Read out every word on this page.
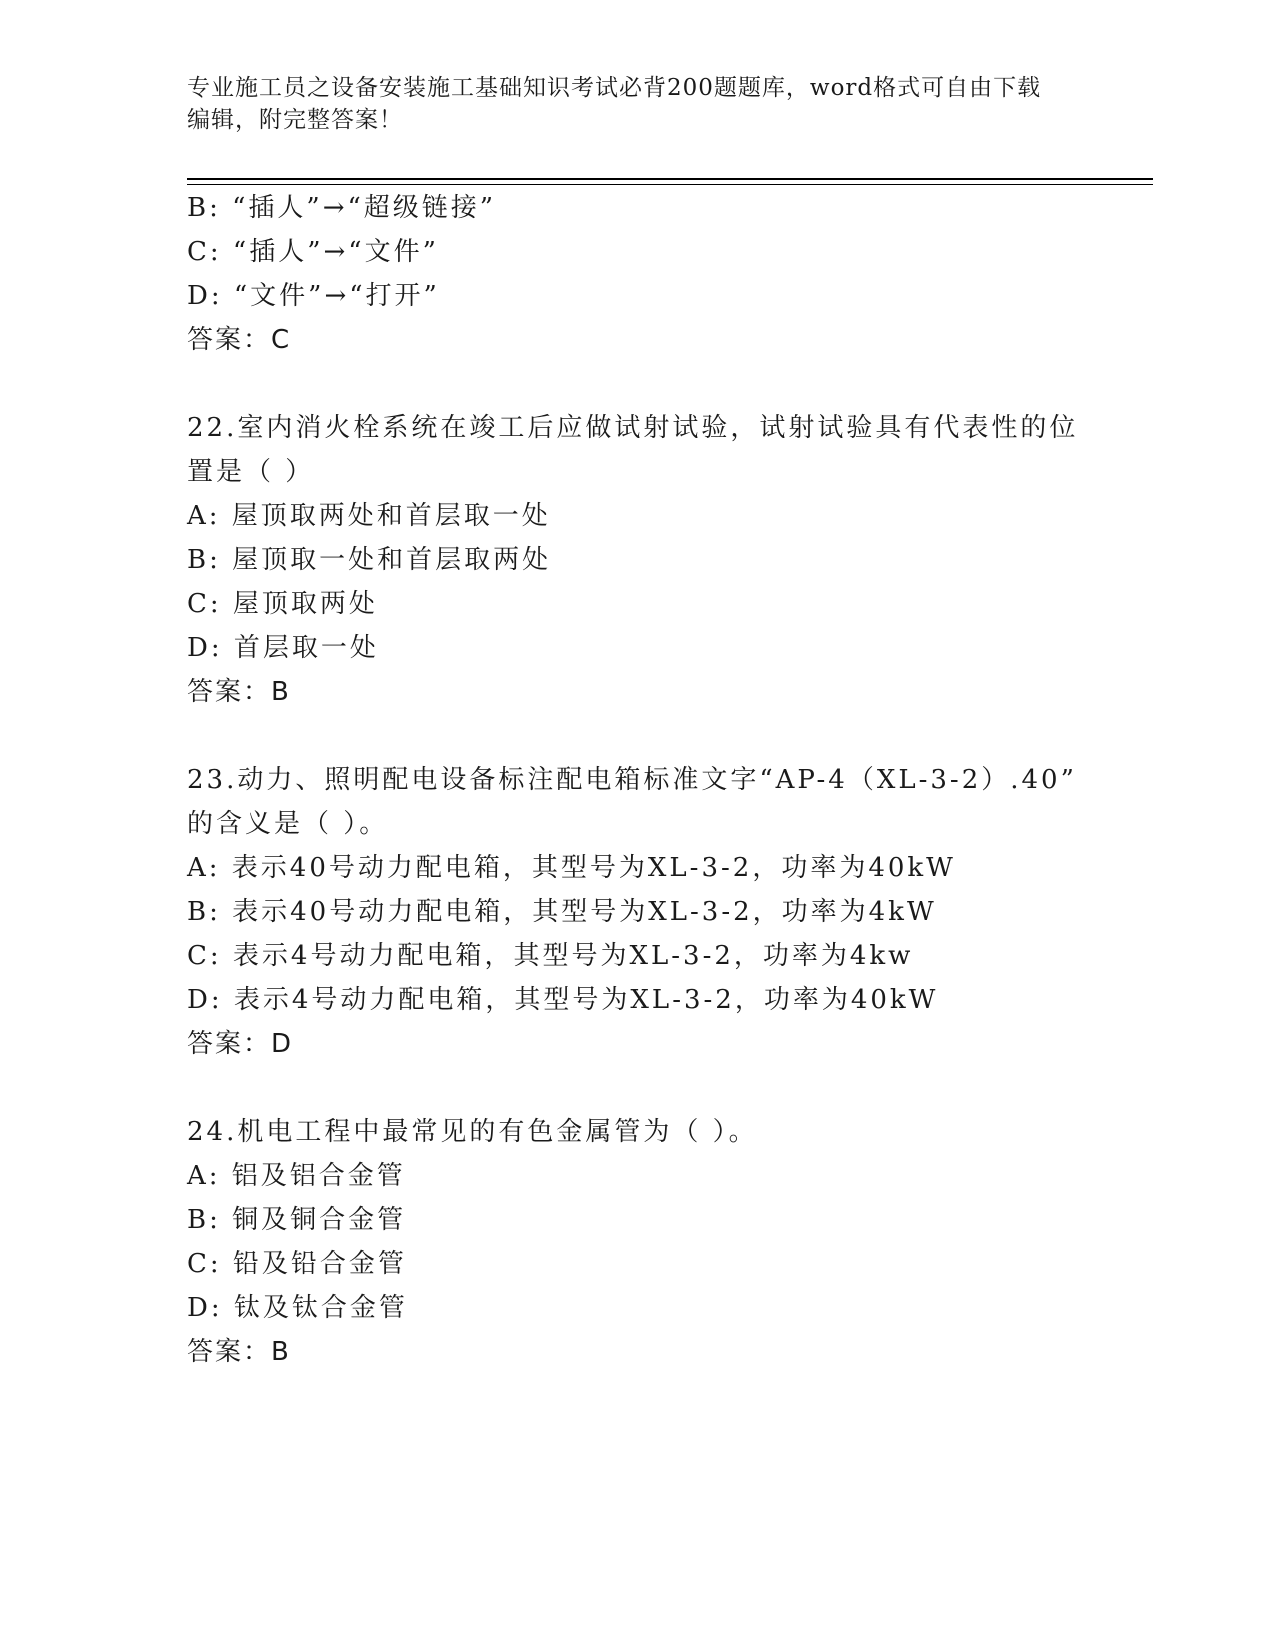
专业施工员之设备安装施工基础知识考试必背200题题库，word格式可自由下载
编辑，附完整答案！
B: “插人”→“超级链接”
C: “插人”→“文件”
D: “文件”→“打开”
答案：C
22.室内消火栓系统在竣工后应做试射试验，试射试验具有代表性的位
置是（ ）
A: 屋顶取两处和首层取一处
B: 屋顶取一处和首层取两处
C: 屋顶取两处
D: 首层取一处
答案：B
23.动力、照明配电设备标注配电箱标准文字“AP-4（XL-3-2）.40”
的含义是（ ）。
A: 表示40号动力配电箱，其型号为XL-3-2，功率为40kW
B: 表示40号动力配电箱，其型号为XL-3-2，功率为4kW
C: 表示4号动力配电箱，其型号为XL-3-2，功率为4kw
D: 表示4号动力配电箱，其型号为XL-3-2，功率为40kW
答案：D
24.机电工程中最常见的有色金属管为（ ）。
A: 铝及铝合金管
B: 铜及铜合金管
C: 铅及铅合金管
D: 钛及钛合金管
答案：B
